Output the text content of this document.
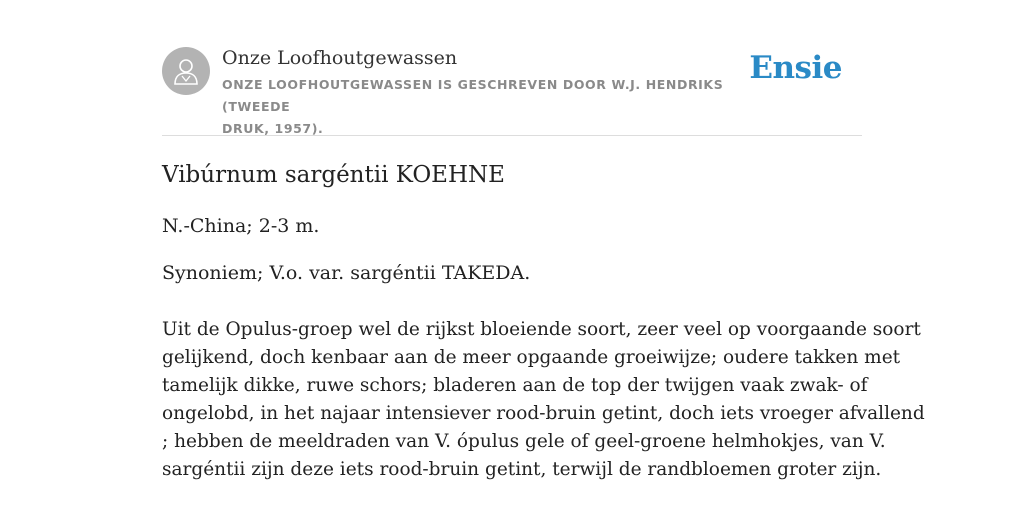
Onze Loofhoutgewassen
ONZE LOOFHOUTGEWASSEN IS GESCHREVEN DOOR W.J. HENDRIKS (TWEEDE
DRUK, 1957).
Ensie
Vibúrnum sargéntii KOEHNE
N.-China; 2-3 m.
Synoniem; V.o. var. sargéntii TAKEDA.
Uit de Opulus-groep wel de rijkst bloeiende soort, zeer veel op voorgaande soort
gelijkend, doch kenbaar aan de meer opgaande groeiwijze; oudere takken met
tamelijk dikke, ruwe schors; bladeren aan de top der twijgen vaak zwak- of
ongelobd, in het najaar intensiever rood-bruin getint, doch iets vroeger afvallend
; hebben de meeldraden van V. ópulus gele of geel-groene helmhokjes, van V.
sargéntii zijn deze iets rood-bruin getint, terwijl de randbloemen groter zijn.
